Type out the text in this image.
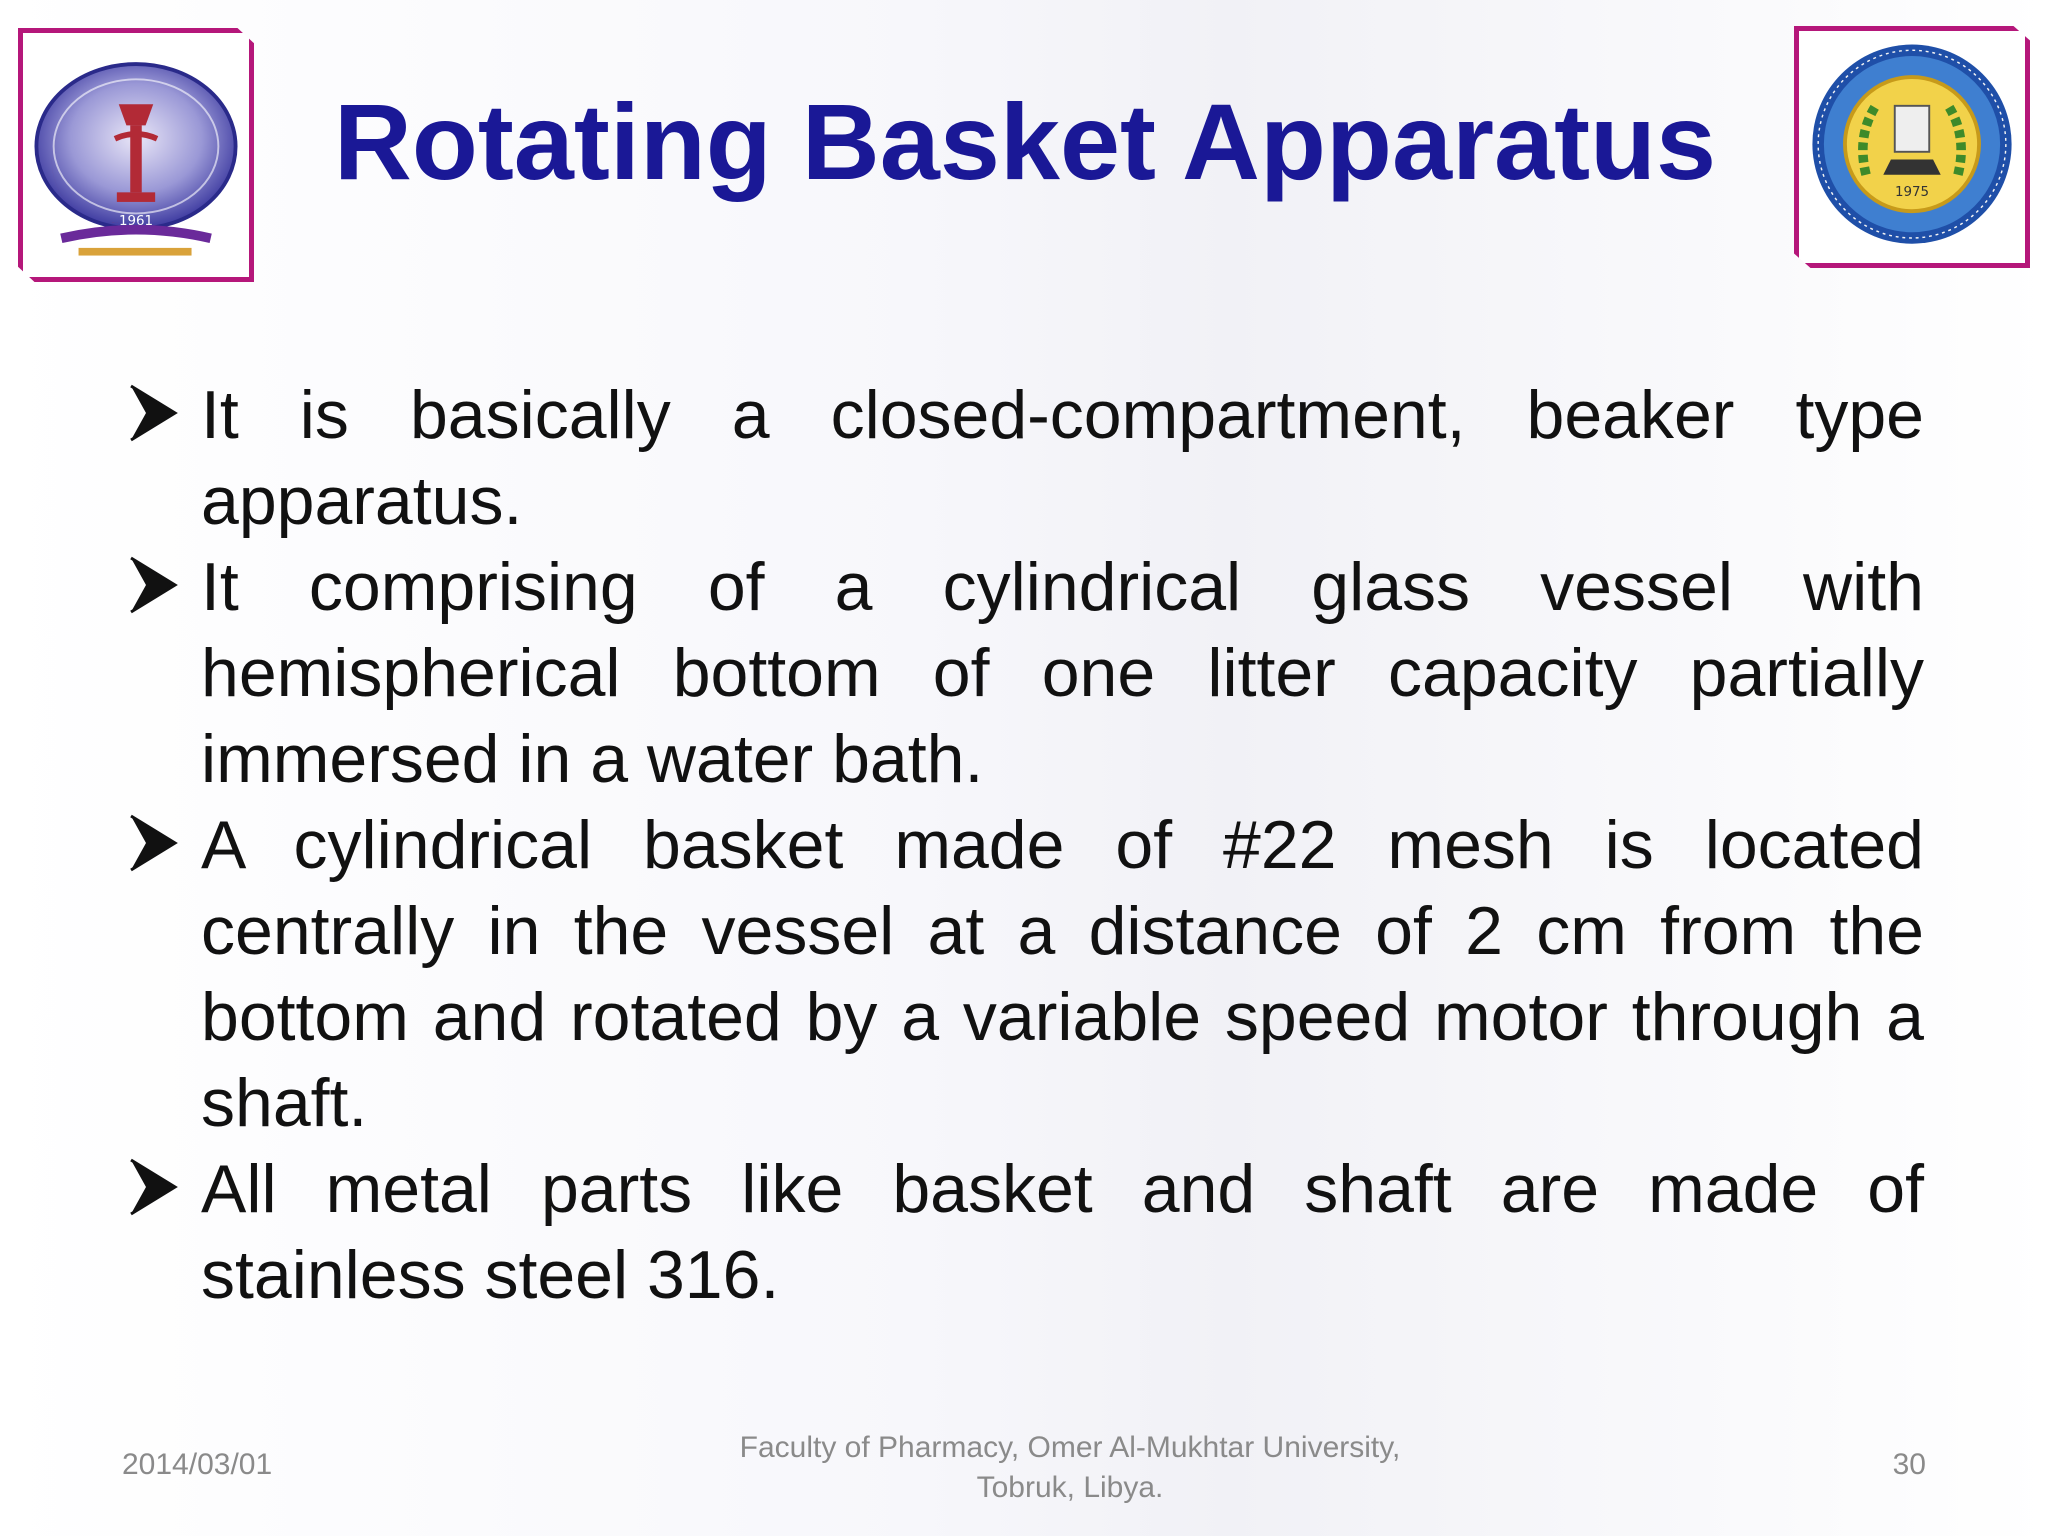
1961
Rotating Basket Apparatus	1975
It is basically a closed-compartment, beaker type apparatus.
It comprising of a cylindrical glass vessel with hemispherical bottom of one litter capacity partially immersed in a water bath.
A cylindrical basket made of #22 mesh is located centrally in the vessel at a distance of 2 cm from the bottom and rotated by a variable speed motor through a shaft.
All metal parts like basket and shaft are made of stainless steel 316.
2014/03/01
Faculty of Pharmacy, Omer Al-Mukhtar University,
Tobruk, Libya.
30
